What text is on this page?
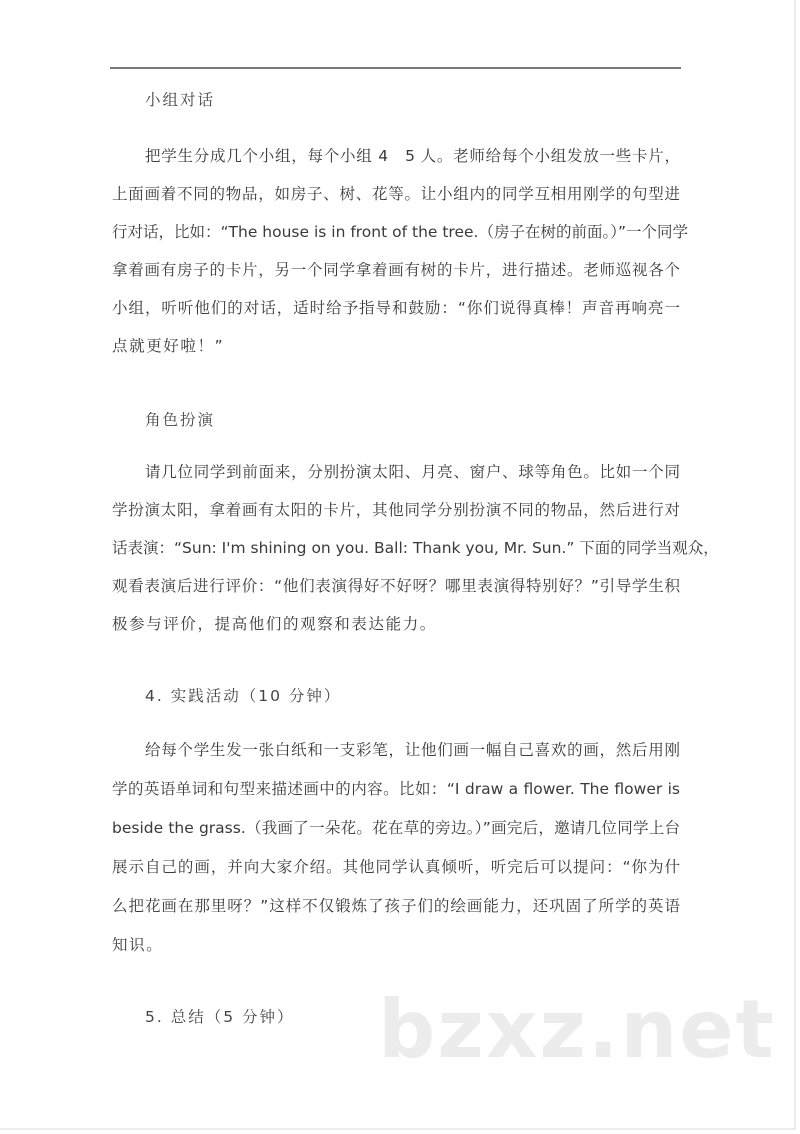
小组对话
把学生分成几个小组，每个小组 4　5 人。老师给每个小组发放一些卡片，
上面画着不同的物品，如房子、树、花等。让小组内的同学互相用刚学的句型进
行对话，比如：“The house is in front of the tree.（房子在树的前面。）”一个同学
拿着画有房子的卡片，另一个同学拿着画有树的卡片，进行描述。老师巡视各个
小组，听听他们的对话，适时给予指导和鼓励：“你们说得真棒！声音再响亮一
点就更好啦！”
角色扮演
请几位同学到前面来，分别扮演太阳、月亮、窗户、球等角色。比如一个同
学扮演太阳，拿着画有太阳的卡片，其他同学分别扮演不同的物品，然后进行对
话表演：“Sun: I'm shining on you. Ball: Thank you, Mr. Sun.” 下面的同学当观众，
观看表演后进行评价：“他们表演得好不好呀？哪里表演得特别好？”引导学生积
极参与评价，提高他们的观察和表达能力。
4. 实践活动（10 分钟）
给每个学生发一张白纸和一支彩笔，让他们画一幅自己喜欢的画，然后用刚
学的英语单词和句型来描述画中的内容。比如：“I draw a flower. The flower is
beside the grass.（我画了一朵花。花在草的旁边。）”画完后，邀请几位同学上台
展示自己的画，并向大家介绍。其他同学认真倾听，听完后可以提问：“你为什
么把花画在那里呀？”这样不仅锻炼了孩子们的绘画能力，还巩固了所学的英语
知识。
5. 总结（5 分钟）	bzxz.net
